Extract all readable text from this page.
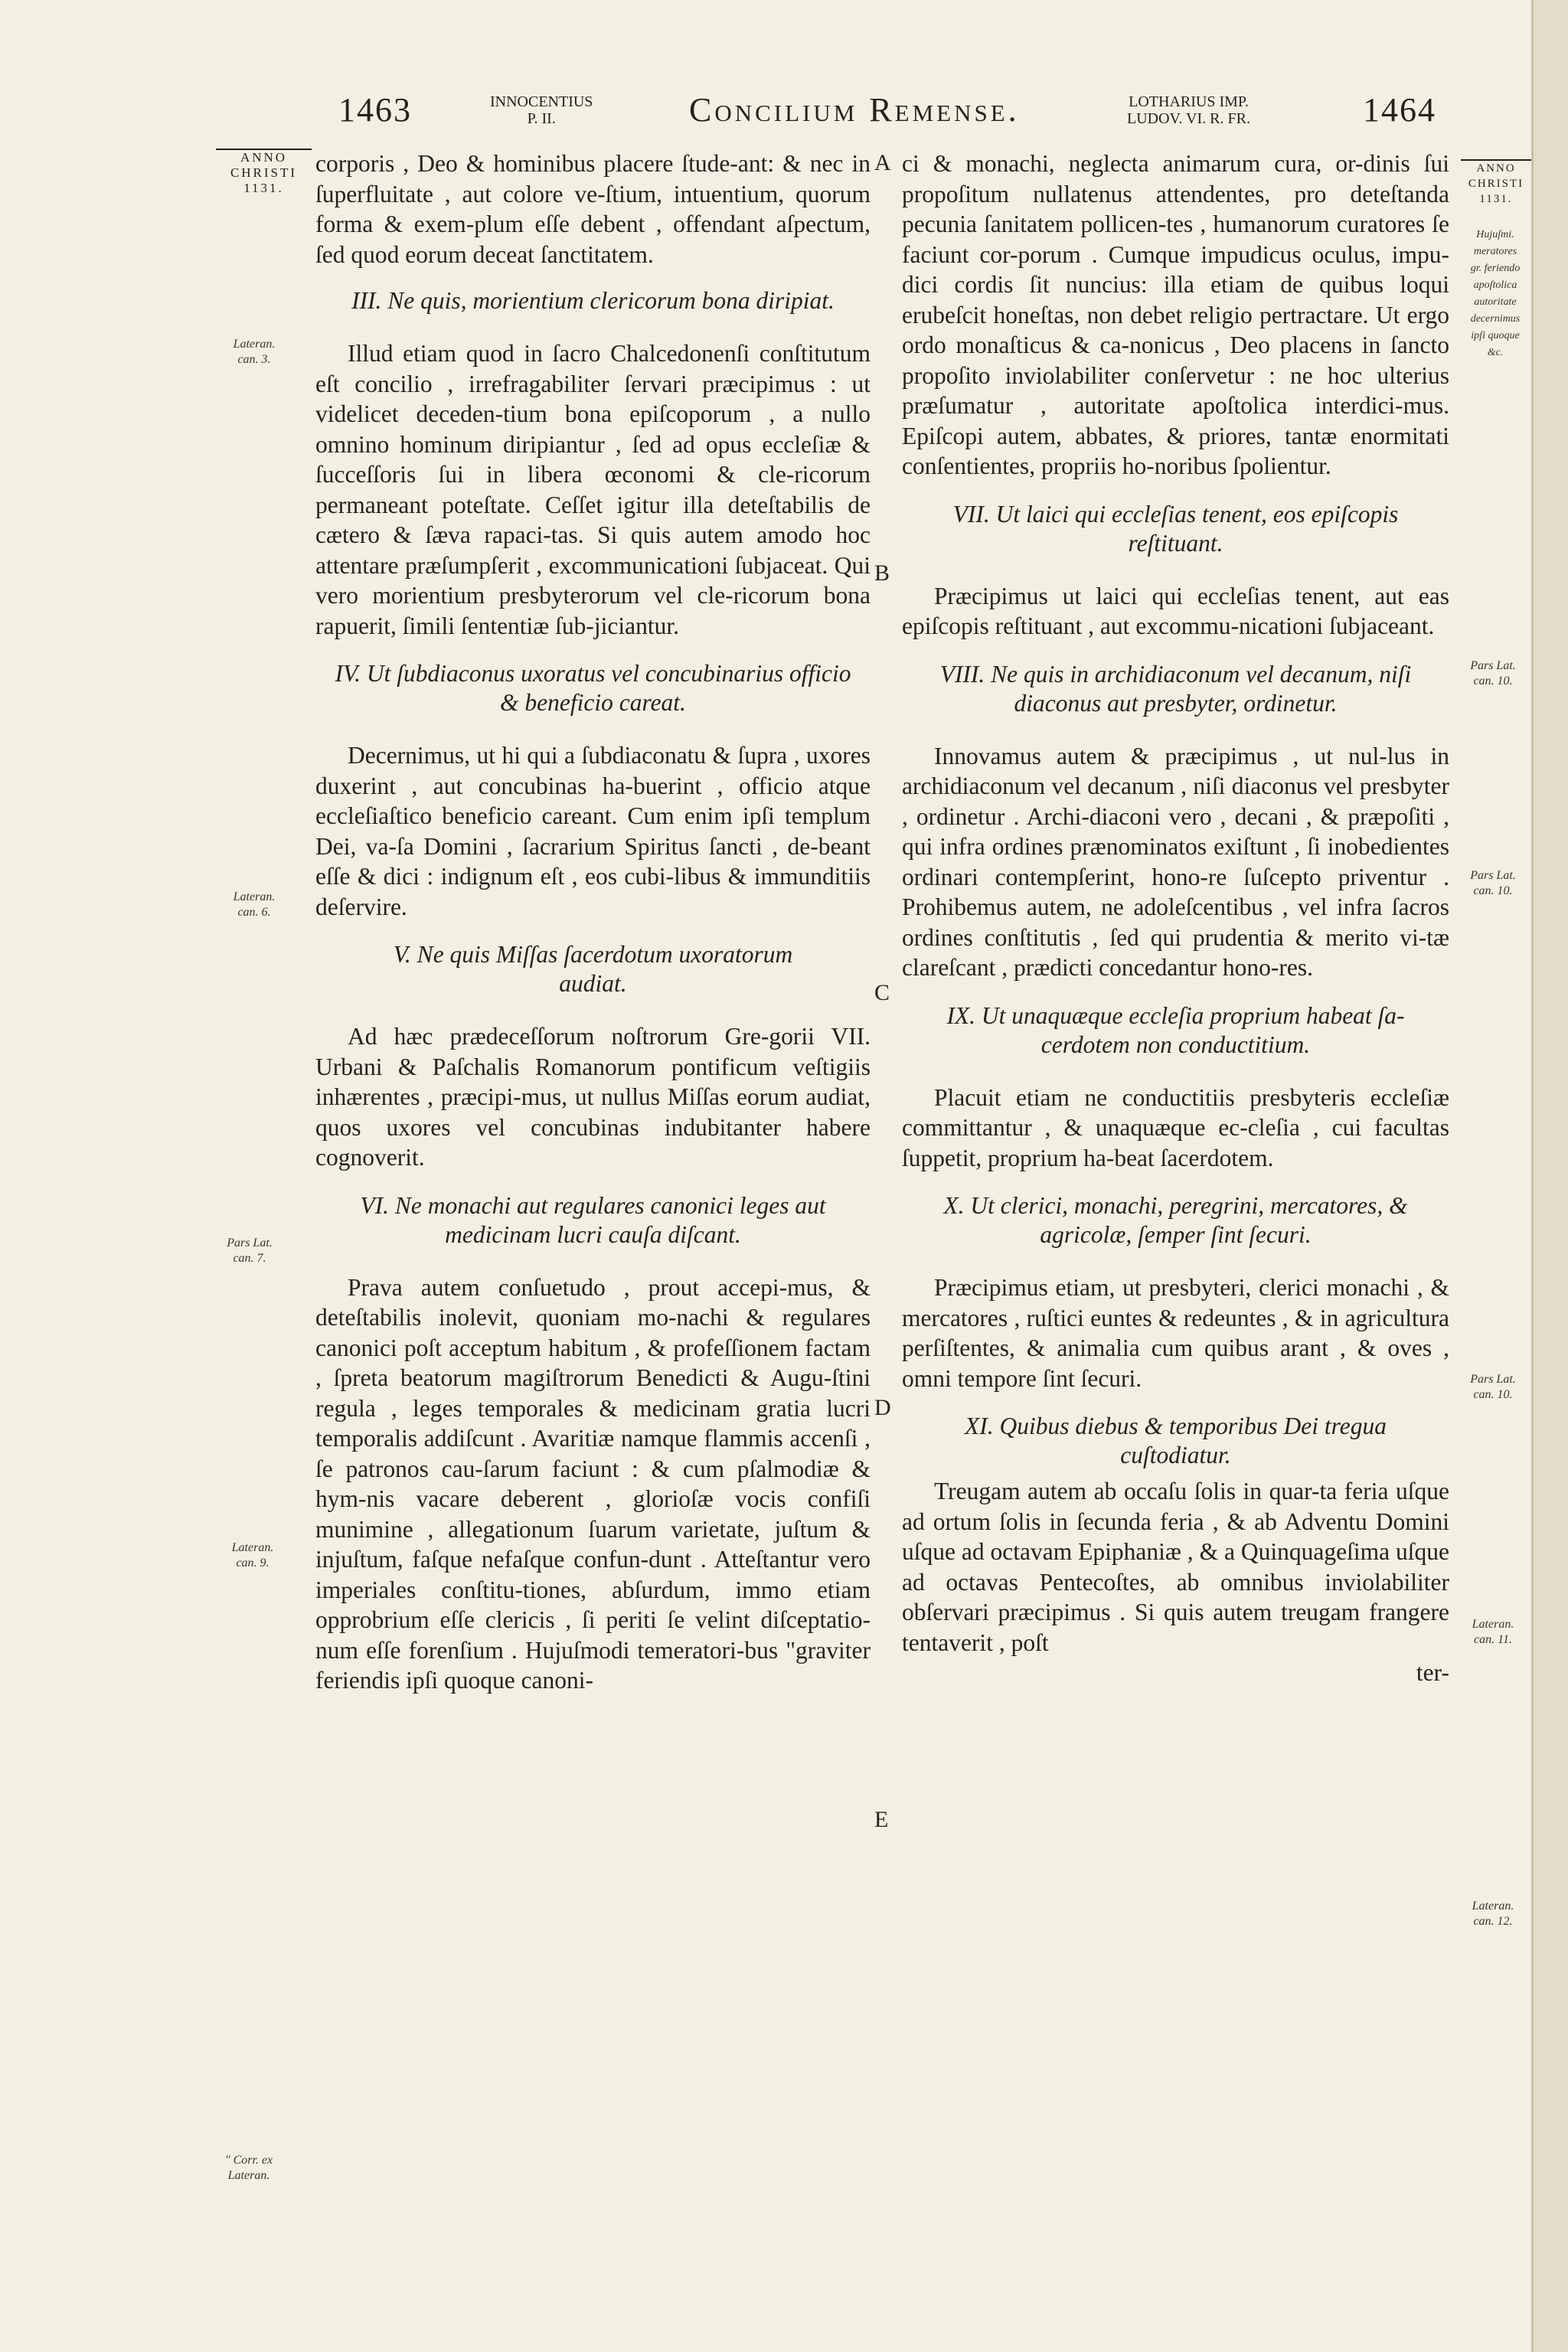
1463	INNOCENTIUS
P. II.	Concilium Remense.	LOTHARIUS IMP.
LUDOV. VI. R. FR.	1464
ANNO
CHRISTI
1131.
ANNO
CHRISTI
1131.

corporis , Deo & hominibus placere ſtude-ant: & nec in ſuperfluitate , aut colore ve-ſtium, intuentium, quorum forma & exem-plum eſſe debent , offendant aſpectum, ſed quod eorum deceat ſanctitatem.

III. Ne quis, morientium clericorum bona diripiat.

Illud etiam quod in ſacro Chalcedonenſi conſtitutum eſt concilio , irrefragabiliter ſervari præcipimus : ut videlicet deceden-tium bona epiſcoporum , a nullo omnino hominum diripiantur , ſed ad opus eccleſiæ & ſucceſſoris ſui in libera œconomi & cle-ricorum permaneant poteſtate. Ceſſet igitur illa deteſtabilis de cætero & ſæva rapaci-tas. Si quis autem amodo hoc attentare præſumpſerit , excommunicationi ſubjaceat. Qui vero morientium presbyterorum vel cle-ricorum bona rapuerit, ſimili ſententiæ ſub-jiciantur.

IV. Ut ſubdiaconus uxoratus vel concubinarius officio & beneficio careat.

Decernimus, ut hi qui a ſubdiaconatu & ſupra , uxores duxerint , aut concubinas ha-buerint , officio atque eccleſiaſtico beneficio careant. Cum enim ipſi templum Dei, va-ſa Domini , ſacrarium Spiritus ſancti , de-beant eſſe & dici : indignum eſt , eos cubi-libus & immunditiis deſervire.

V. Ne quis Miſſas ſacerdotum uxoratorum audiat.

Ad hæc prædeceſſorum noſtrorum Gre-gorii VII. Urbani & Paſchalis Romanorum pontificum veſtigiis inhærentes , præcipi-mus, ut nullus Miſſas eorum audiat, quos uxores vel concubinas indubitanter habere cognoverit.

VI. Ne monachi aut regulares canonici leges aut medicinam lucri cauſa diſcant.

Prava autem conſuetudo , prout accepi-mus, & deteſtabilis inolevit, quoniam mo-nachi & regulares canonici poſt acceptum habitum , & profeſſionem factam , ſpreta beatorum magiſtrorum Benedicti & Augu-ſtini regula , leges temporales & medicinam gratia lucri temporalis addiſcunt . Avaritiæ namque flammis accenſi , ſe patronos cau-ſarum faciunt : & cum pſalmodiæ & hym-nis vacare deberent , glorioſæ vocis confiſi munimine , allegationum ſuarum varietate, juſtum & injuſtum, faſque nefaſque confun-dunt . Atteſtantur vero imperiales conſtitu-tiones, abſurdum, immo etiam opprobrium eſſe clericis , ſi periti ſe velint diſceptatio-num eſſe forenſium . Hujuſmodi temeratori-bus "graviter feriendis ipſi quoque canoni-

ci & monachi, neglecta animarum cura, or-dinis ſui propoſitum nullatenus attendentes, pro deteſtanda pecunia ſanitatem pollicen-tes , humanorum curatores ſe faciunt cor-porum . Cumque impudicus oculus, impu-dici cordis ſit nuncius: illa etiam de quibus loqui erubeſcit honeſtas, non debet religio pertractare. Ut ergo ordo monaſticus & ca-nonicus , Deo placens in ſancto propoſito inviolabiliter conſervetur : ne hoc ulterius præſumatur , autoritate apoſtolica interdici-mus. Epiſcopi autem, abbates, & priores, tantæ enormitati conſentientes, propriis ho-noribus ſpolientur.

VII. Ut laici qui eccleſias tenent, eos epiſcopis reſtituant.

Præcipimus ut laici qui eccleſias tenent, aut eas epiſcopis reſtituant , aut excommu-nicationi ſubjaceant.

VIII. Ne quis in archidiaconum vel decanum, niſi diaconus aut presbyter, ordinetur.

Innovamus autem & præcipimus , ut nul-lus in archidiaconum vel decanum , niſi diaconus vel presbyter , ordinetur . Archi-diaconi vero , decani , & præpoſiti , qui infra ordines prænominatos exiſtunt , ſi inobedientes ordinari contempſerint, hono-re ſuſcepto priventur . Prohibemus autem, ne adoleſcentibus , vel infra ſacros ordines conſtitutis , ſed qui prudentia & merito vi-tæ clareſcant , prædicti concedantur hono-res.

IX. Ut unaquæque eccleſia proprium habeat ſa-cerdotem non conductitium.

Placuit etiam ne conductitiis presbyteris eccleſiæ committantur , & unaquæque ec-cleſia , cui facultas ſuppetit, proprium ha-beat ſacerdotem.

X. Ut clerici, monachi, peregrini, mercatores, & agricolæ, ſemper ſint ſecuri.

Præcipimus etiam, ut presbyteri, clerici monachi , & mercatores , ruſtici euntes & redeuntes , & in agricultura perſiſtentes, & animalia cum quibus arant , & oves , omni tempore ſint ſecuri.

XI. Quibus diebus & temporibus Dei tregua cuſtodiatur.

Treugam autem ab occaſu ſolis in quar-ta feria uſque ad ortum ſolis in ſecunda feria , & ab Adventu Domini uſque ad octavam Epiphaniæ , & a Quinquageſima uſque ad octavas Pentecoſtes, ab omnibus inviolabiliter obſervari præcipimus . Si quis autem treugam frangere tentaverit , poſt

ter-

Lateran.
can. 3.
Lateran.
can. 6.
Pars Lat.
can. 7.
Lateran.
can. 9.
" Corr. ex
Lateran.
Hujuſmi.
meratores
gr. feriendo
apoſtolica
autoritate
decernimus
ipſi quoque
&c.
Pars Lat.
can. 10.
Pars Lat.
can. 10.
Pars Lat.
can. 10.
Lateran.
can. 11.
Lateran.
can. 12.
A
B
C
D
E
